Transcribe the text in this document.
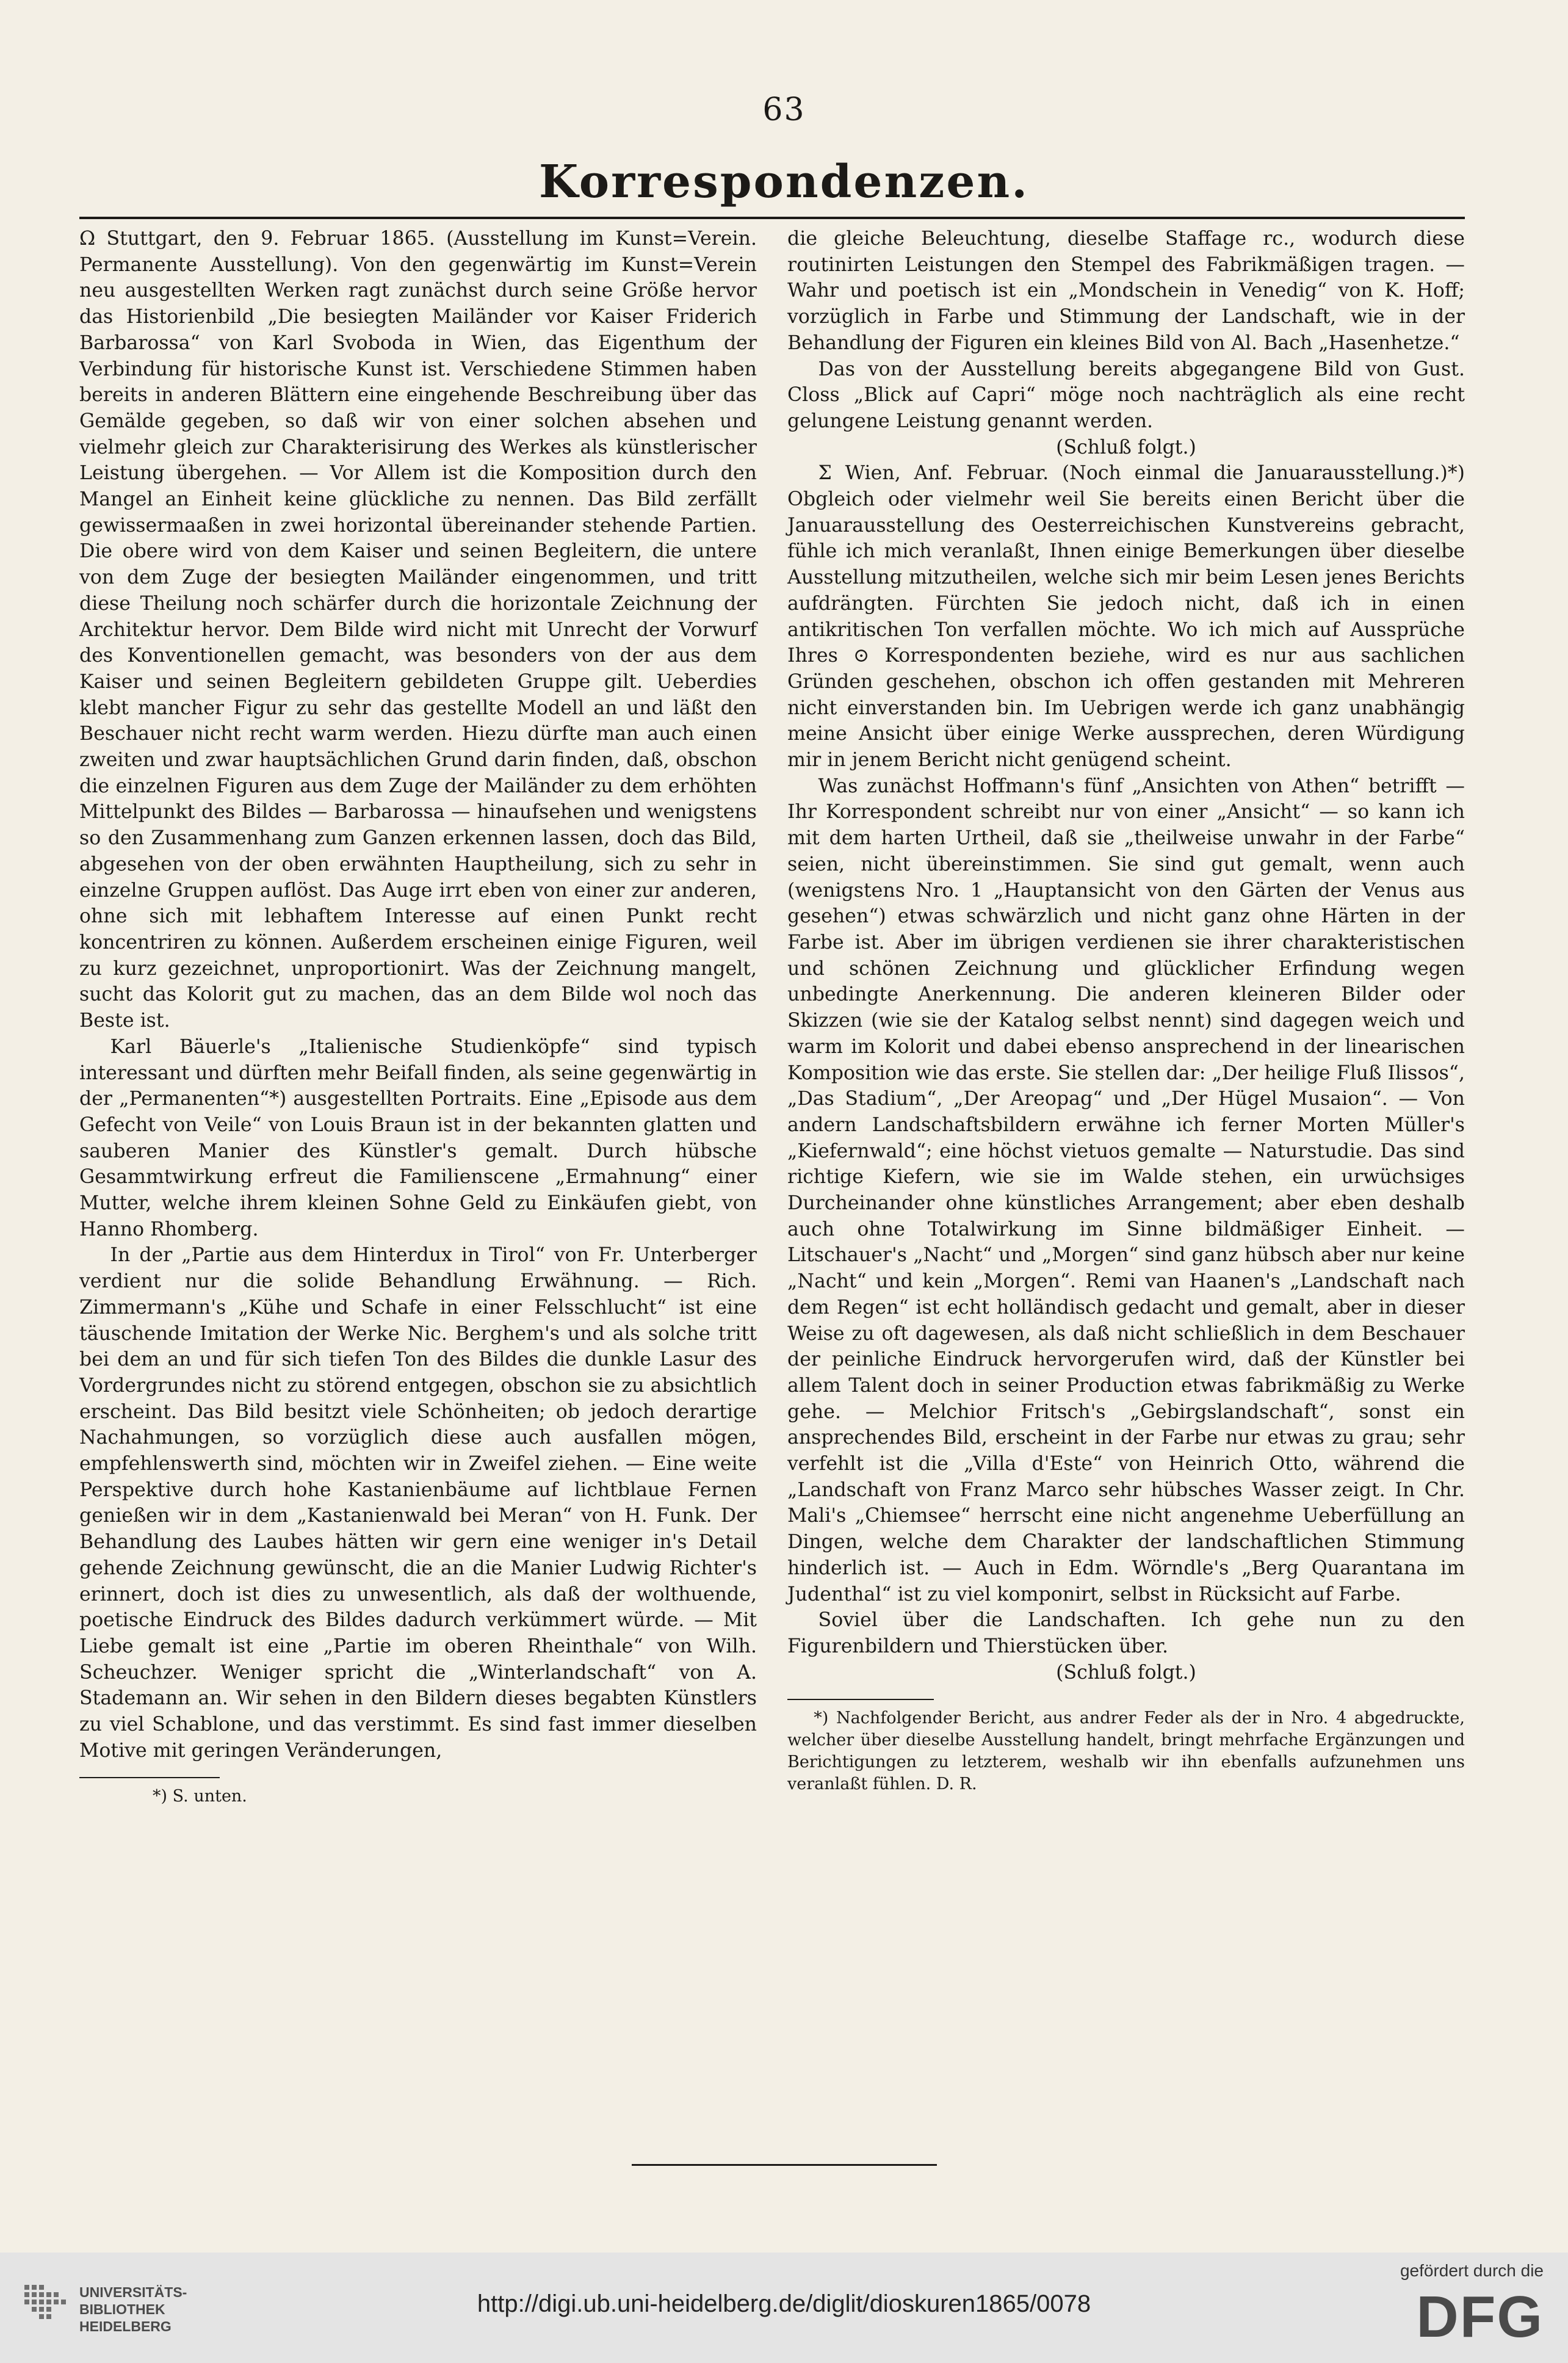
63
Korrespondenzen.

Ω Stuttgart, den 9. Februar 1865. (Ausstellung im Kunst=Verein. Permanente Ausstellung). Von den gegenwärtig im Kunst=Verein neu ausgestellten Werken ragt zunächst durch seine Größe hervor das Historienbild „Die besiegten Mailänder vor Kaiser Friderich Barbarossa“ von Karl Svoboda in Wien, das Eigenthum der Verbindung für historische Kunst ist. Verschiedene Stimmen haben bereits in anderen Blättern eine eingehende Beschreibung über das Gemälde gegeben, so daß wir von einer solchen absehen und vielmehr gleich zur Charakterisirung des Werkes als künstlerischer Leistung übergehen. — Vor Allem ist die Komposition durch den Mangel an Einheit keine glückliche zu nennen. Das Bild zerfällt gewissermaaßen in zwei horizontal übereinander stehende Partien. Die obere wird von dem Kaiser und seinen Begleitern, die untere von dem Zuge der besiegten Mailänder eingenommen, und tritt diese Theilung noch schärfer durch die horizontale Zeichnung der Architektur hervor. Dem Bilde wird nicht mit Unrecht der Vorwurf des Konventionellen gemacht, was besonders von der aus dem Kaiser und seinen Begleitern gebildeten Gruppe gilt. Ueberdies klebt mancher Figur zu sehr das gestellte Modell an und läßt den Beschauer nicht recht warm werden. Hiezu dürfte man auch einen zweiten und zwar hauptsächlichen Grund darin finden, daß, obschon die einzelnen Figuren aus dem Zuge der Mailänder zu dem erhöhten Mittelpunkt des Bildes — Barbarossa — hinaufsehen und wenigstens so den Zusammenhang zum Ganzen erkennen lassen, doch das Bild, abgesehen von der oben erwähnten Hauptheilung, sich zu sehr in einzelne Gruppen auflöst. Das Auge irrt eben von einer zur anderen, ohne sich mit lebhaftem Interesse auf einen Punkt recht koncentriren zu können. Außerdem erscheinen einige Figuren, weil zu kurz gezeichnet, unproportionirt. Was der Zeichnung mangelt, sucht das Kolorit gut zu machen, das an dem Bilde wol noch das Beste ist.

Karl Bäuerle's „Italienische Studienköpfe“ sind typisch interessant und dürften mehr Beifall finden, als seine gegenwärtig in der „Permanenten“*) ausgestellten Portraits. Eine „Episode aus dem Gefecht von Veile“ von Louis Braun ist in der bekannten glatten und sauberen Manier des Künstler's gemalt. Durch hübsche Gesammtwirkung erfreut die Familienscene „Ermahnung“ einer Mutter, welche ihrem kleinen Sohne Geld zu Einkäufen giebt, von Hanno Rhomberg.

In der „Partie aus dem Hinterdux in Tirol“ von Fr. Unterberger verdient nur die solide Behandlung Erwähnung. — Rich. Zimmermann's „Kühe und Schafe in einer Felsschlucht“ ist eine täuschende Imitation der Werke Nic. Berghem's und als solche tritt bei dem an und für sich tiefen Ton des Bildes die dunkle Lasur des Vordergrundes nicht zu störend entgegen, obschon sie zu absichtlich erscheint. Das Bild besitzt viele Schönheiten; ob jedoch derartige Nachahmungen, so vorzüglich diese auch ausfallen mögen, empfehlenswerth sind, möchten wir in Zweifel ziehen. — Eine weite Perspektive durch hohe Kastanienbäume auf lichtblaue Fernen genießen wir in dem „Kastanienwald bei Meran“ von H. Funk. Der Behandlung des Laubes hätten wir gern eine weniger in's Detail gehende Zeichnung gewünscht, die an die Manier Ludwig Richter's erinnert, doch ist dies zu unwesentlich, als daß der wolthuende, poetische Eindruck des Bildes dadurch verkümmert würde. — Mit Liebe gemalt ist eine „Partie im oberen Rheinthale“ von Wilh. Scheuchzer. Weniger spricht die „Winterlandschaft“ von A. Stademann an. Wir sehen in den Bildern dieses begabten Künstlers zu viel Schablone, und das verstimmt. Es sind fast immer dieselben Motive mit geringen Veränderungen,

*) S. unten.

die gleiche Beleuchtung, dieselbe Staffage rc., wodurch diese routinirten Leistungen den Stempel des Fabrikmäßigen tragen. — Wahr und poetisch ist ein „Mondschein in Venedig“ von K. Hoff; vorzüglich in Farbe und Stimmung der Landschaft, wie in der Behandlung der Figuren ein kleines Bild von Al. Bach „Hasenhetze.“

Das von der Ausstellung bereits abgegangene Bild von Gust. Closs „Blick auf Capri“ möge noch nachträglich als eine recht gelungene Leistung genannt werden.

(Schluß folgt.)

Σ Wien, Anf. Februar. (Noch einmal die Januarausstellung.)*) Obgleich oder vielmehr weil Sie bereits einen Bericht über die Januarausstellung des Oesterreichischen Kunstvereins gebracht, fühle ich mich veranlaßt, Ihnen einige Bemerkungen über dieselbe Ausstellung mitzutheilen, welche sich mir beim Lesen jenes Berichts aufdrängten. Fürchten Sie jedoch nicht, daß ich in einen antikritischen Ton verfallen möchte. Wo ich mich auf Aussprüche Ihres ⊙ Korrespondenten beziehe, wird es nur aus sachlichen Gründen geschehen, obschon ich offen gestanden mit Mehreren nicht einverstanden bin. Im Uebrigen werde ich ganz unabhängig meine Ansicht über einige Werke aussprechen, deren Würdigung mir in jenem Bericht nicht genügend scheint.

Was zunächst Hoffmann's fünf „Ansichten von Athen“ betrifft — Ihr Korrespondent schreibt nur von einer „Ansicht“ — so kann ich mit dem harten Urtheil, daß sie „theilweise unwahr in der Farbe“ seien, nicht übereinstimmen. Sie sind gut gemalt, wenn auch (wenigstens Nro. 1 „Hauptansicht von den Gärten der Venus aus gesehen“) etwas schwärzlich und nicht ganz ohne Härten in der Farbe ist. Aber im übrigen verdienen sie ihrer charakteristischen und schönen Zeichnung und glücklicher Erfindung wegen unbedingte Anerkennung. Die anderen kleineren Bilder oder Skizzen (wie sie der Katalog selbst nennt) sind dagegen weich und warm im Kolorit und dabei ebenso ansprechend in der linearischen Komposition wie das erste. Sie stellen dar: „Der heilige Fluß Ilissos“, „Das Stadium“, „Der Areopag“ und „Der Hügel Musaion“. — Von andern Landschaftsbildern erwähne ich ferner Morten Müller's „Kiefernwald“; eine höchst vietuos gemalte — Naturstudie. Das sind richtige Kiefern, wie sie im Walde stehen, ein urwüchsiges Durcheinander ohne künstliches Arrangement; aber eben deshalb auch ohne Totalwirkung im Sinne bildmäßiger Einheit. — Litschauer's „Nacht“ und „Morgen“ sind ganz hübsch aber nur keine „Nacht“ und kein „Morgen“. Remi van Haanen's „Landschaft nach dem Regen“ ist echt holländisch gedacht und gemalt, aber in dieser Weise zu oft dagewesen, als daß nicht schließlich in dem Beschauer der peinliche Eindruck hervorgerufen wird, daß der Künstler bei allem Talent doch in seiner Production etwas fabrikmäßig zu Werke gehe. — Melchior Fritsch's „Gebirgslandschaft“, sonst ein ansprechendes Bild, erscheint in der Farbe nur etwas zu grau; sehr verfehlt ist die „Villa d'Este“ von Heinrich Otto, während die „Landschaft von Franz Marco sehr hübsches Wasser zeigt. In Chr. Mali's „Chiemsee“ herrscht eine nicht angenehme Ueberfüllung an Dingen, welche dem Charakter der landschaftlichen Stimmung hinderlich ist. — Auch in Edm. Wörndle's „Berg Quarantana im Judenthal“ ist zu viel komponirt, selbst in Rücksicht auf Farbe.

Soviel über die Landschaften. Ich gehe nun zu den Figurenbildern und Thierstücken über.

(Schluß folgt.)

*) Nachfolgender Bericht, aus andrer Feder als der in Nro. 4 abgedruckte, welcher über dieselbe Ausstellung handelt, bringt mehrfache Ergänzungen und Berichtigungen zu letzterem, weshalb wir ihn ebenfalls aufzunehmen uns veranlaßt fühlen. D. R.
UNIVERSITÄTS-
BIBLIOTHEK
HEIDELBERG
http://digi.ub.uni-heidelberg.de/diglit/dioskuren1865/0078
gefördert durch die
DFG
